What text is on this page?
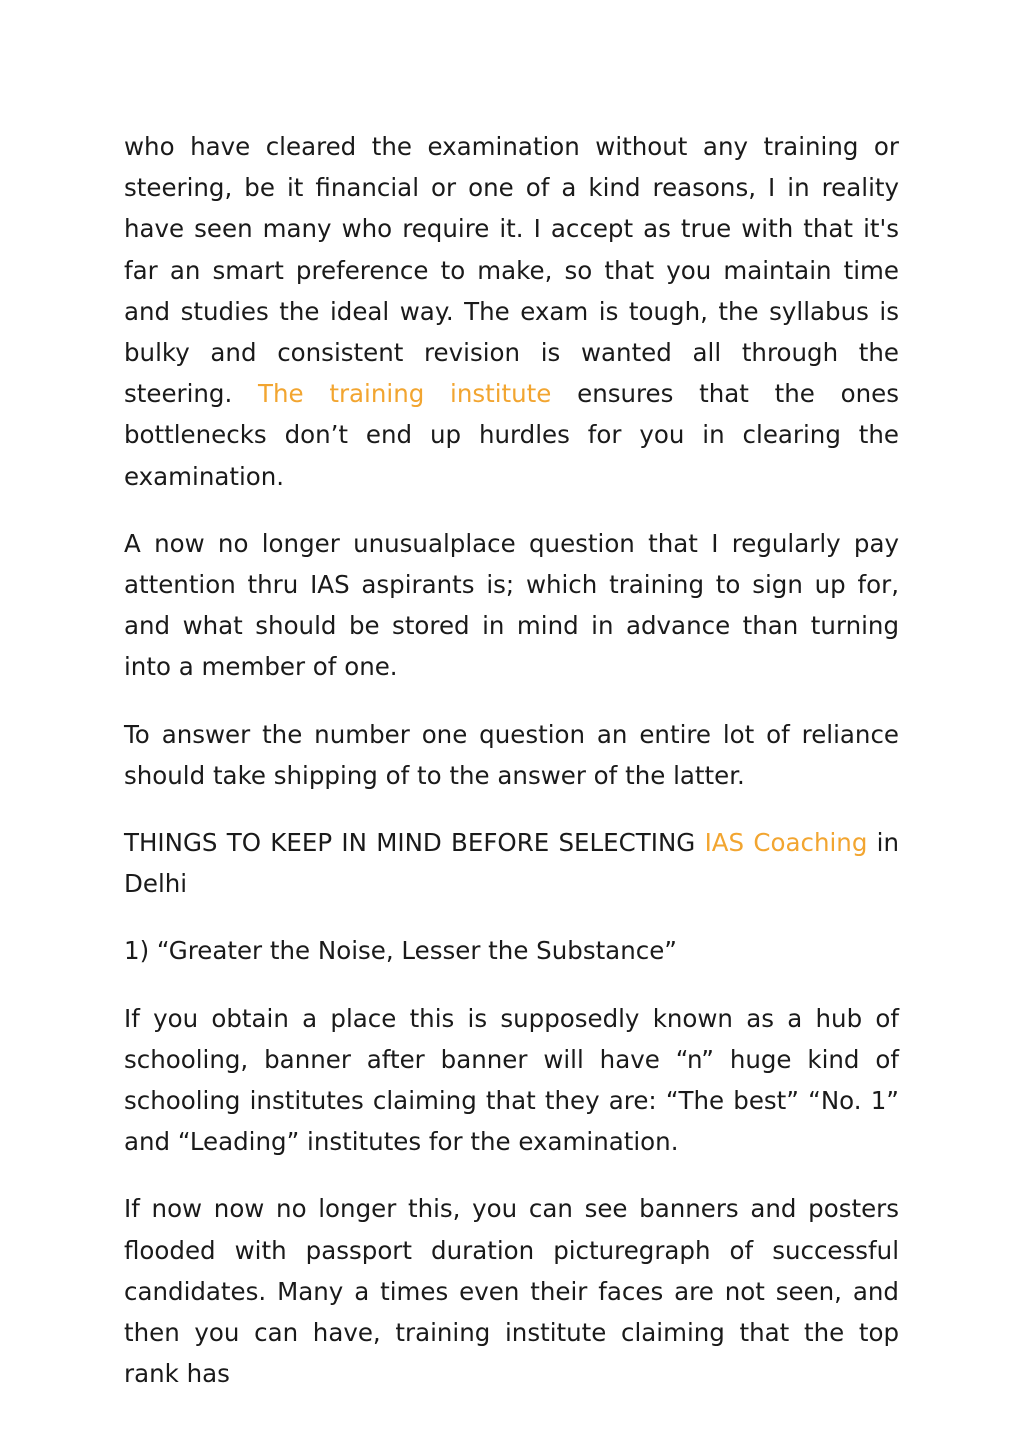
who have cleared the examination without any training or steering, be it financial or one of a kind reasons, I in reality have seen many who require it. I accept as true with that it's far an smart preference to make, so that you maintain time and studies the ideal way. The exam is tough, the syllabus is bulky and consistent revision is wanted all through the steering. The training institute ensures that the ones bottlenecks don’t end up hurdles for you in clearing the examination.

A now no longer unusualplace question that I regularly pay attention thru IAS aspirants is; which training to sign up for, and what should be stored in mind in advance than turning into a member of one.

To answer the number one question an entire lot of reliance should take shipping of to the answer of the latter.

THINGS TO KEEP IN MIND BEFORE SELECTING IAS Coaching in Delhi

1) “Greater the Noise, Lesser the Substance”

If you obtain a place this is supposedly known as a hub of schooling, banner after banner will have “n” huge kind of schooling institutes claiming that they are: “The best” “No. 1” and “Leading” institutes for the examination.

If now now no longer this, you can see banners and posters flooded with passport duration picturegraph of successful candidates. Many a times even their faces are not seen, and then you can have, training institute claiming that the top rank has
